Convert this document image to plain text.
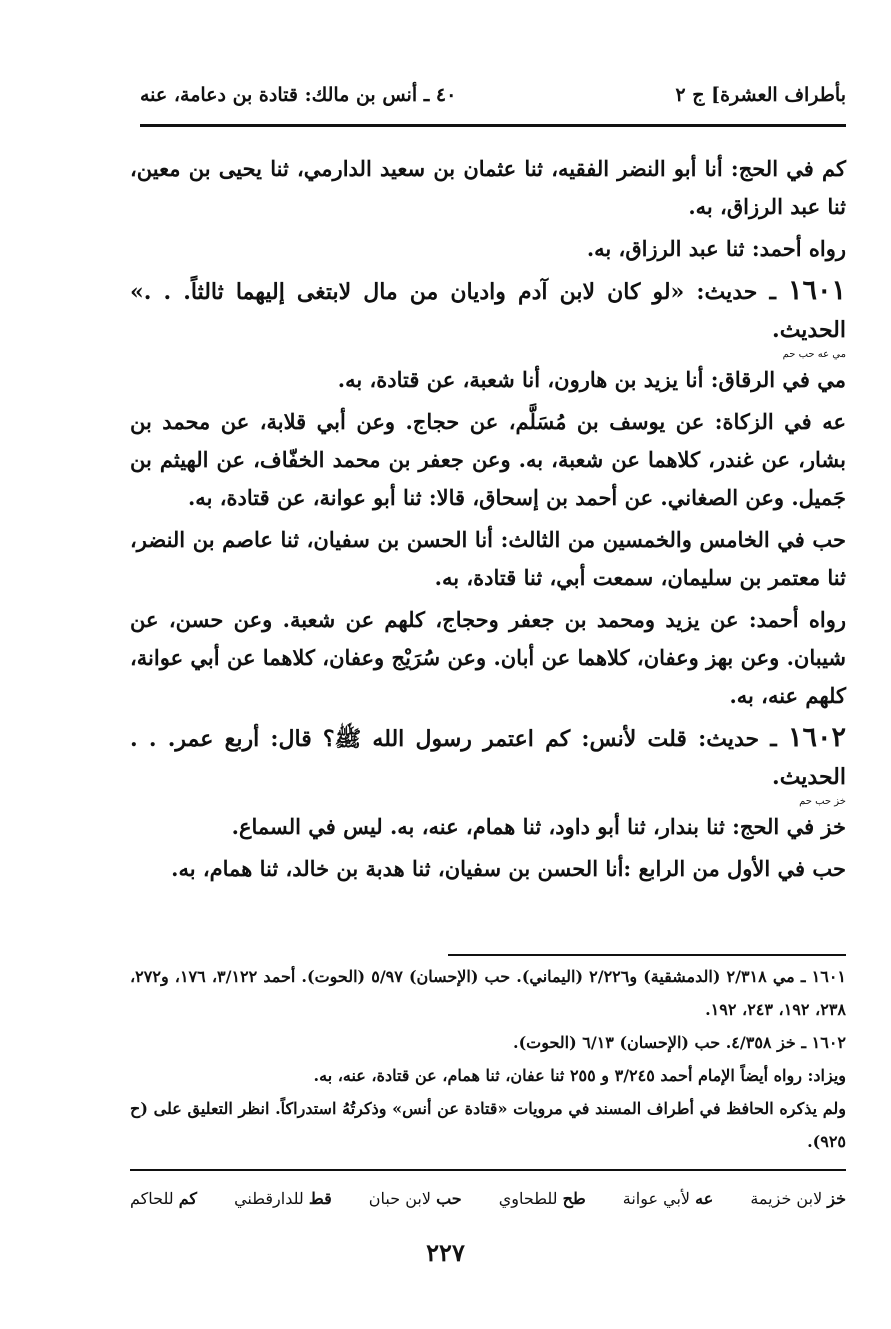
بأطراف العشرة] ج ٢
٤٠ ـ أنس بن مالك: قتادة بن دعامة، عنه

كم في الحج: أنا أبو النضر الفقيه، ثنا عثمان بن سعيد الدارمي، ثنا يحيى بن معين، ثنا عبد الرزاق، به.

رواه أحمد: ثنا عبد الرزاق، به.

١٦٠١ ـ حديث: «لو كان لابن آدم واديان من مال لابتغى إليهما ثالثاً. . .» الحديث.
مي عه حب حم

مي في الرقاق: أنا يزيد بن هارون، أنا شعبة، عن قتادة، به.

عه في الزكاة: عن يوسف بن مُسَلَّم، عن حجاج. وعن أبي قلابة، عن محمد بن بشار، عن غندر، كلاهما عن شعبة، به. وعن جعفر بن محمد الخفّاف، عن الهيثم بن جَميل. وعن الصغاني. عن أحمد بن إسحاق، قالا: ثنا أبو عوانة، عن قتادة، به.

حب في الخامس والخمسين من الثالث: أنا الحسن بن سفيان، ثنا عاصم بن النضر، ثنا معتمر بن سليمان، سمعت أبي، ثنا قتادة، به.

رواه أحمد: عن يزيد ومحمد بن جعفر وحجاج، كلهم عن شعبة. وعن حسن، عن شيبان. وعن بهز وعفان، كلاهما عن أبان. وعن سُرَيْج وعفان، كلاهما عن أبي عوانة، كلهم عنه، به.

١٦٠٢ ـ حديث: قلت لأنس: كم اعتمر رسول الله ﷺ؟ قال: أربع عمر. . . الحديث.
خز حب حم

خز في الحج: ثنا بندار، ثنا أبو داود، ثنا همام، عنه، به. ليس في السماع.

حب في الأول من الرابع :أنا الحسن بن سفيان، ثنا هدبة بن خالد، ثنا همام، به.

١٦٠١ ـ مي ٢/٣١٨ (الدمشقية) و٢/٢٢٦ (اليماني). حب (الإحسان) ٥/٩٧ (الحوت). أحمد ٣/١٢٢، ١٧٦، و٢٧٢، ٢٣٨، ١٩٢، ٢٤٣، ١٩٢.

١٦٠٢ ـ خز ٤/٣٥٨. حب (الإحسان) ٦/١٣ (الحوت).

ويزاد: رواه أيضاً الإمام أحمد ٣/٢٤٥ و ٢٥٥ ثنا عفان، ثنا همام، عن قتادة، عنه، به.

ولم يذكره الحافظ في أطراف المسند في مرويات «قتادة عن أنس» وذكرتُهُ استدراكاً. انظر التعليق على (ح ٩٢٥).

خز لابن خزيمة
عه لأبي عوانة
طح للطحاوي
حب لابن حبان
قط للدارقطني
كم للحاكم
٢٢٧
